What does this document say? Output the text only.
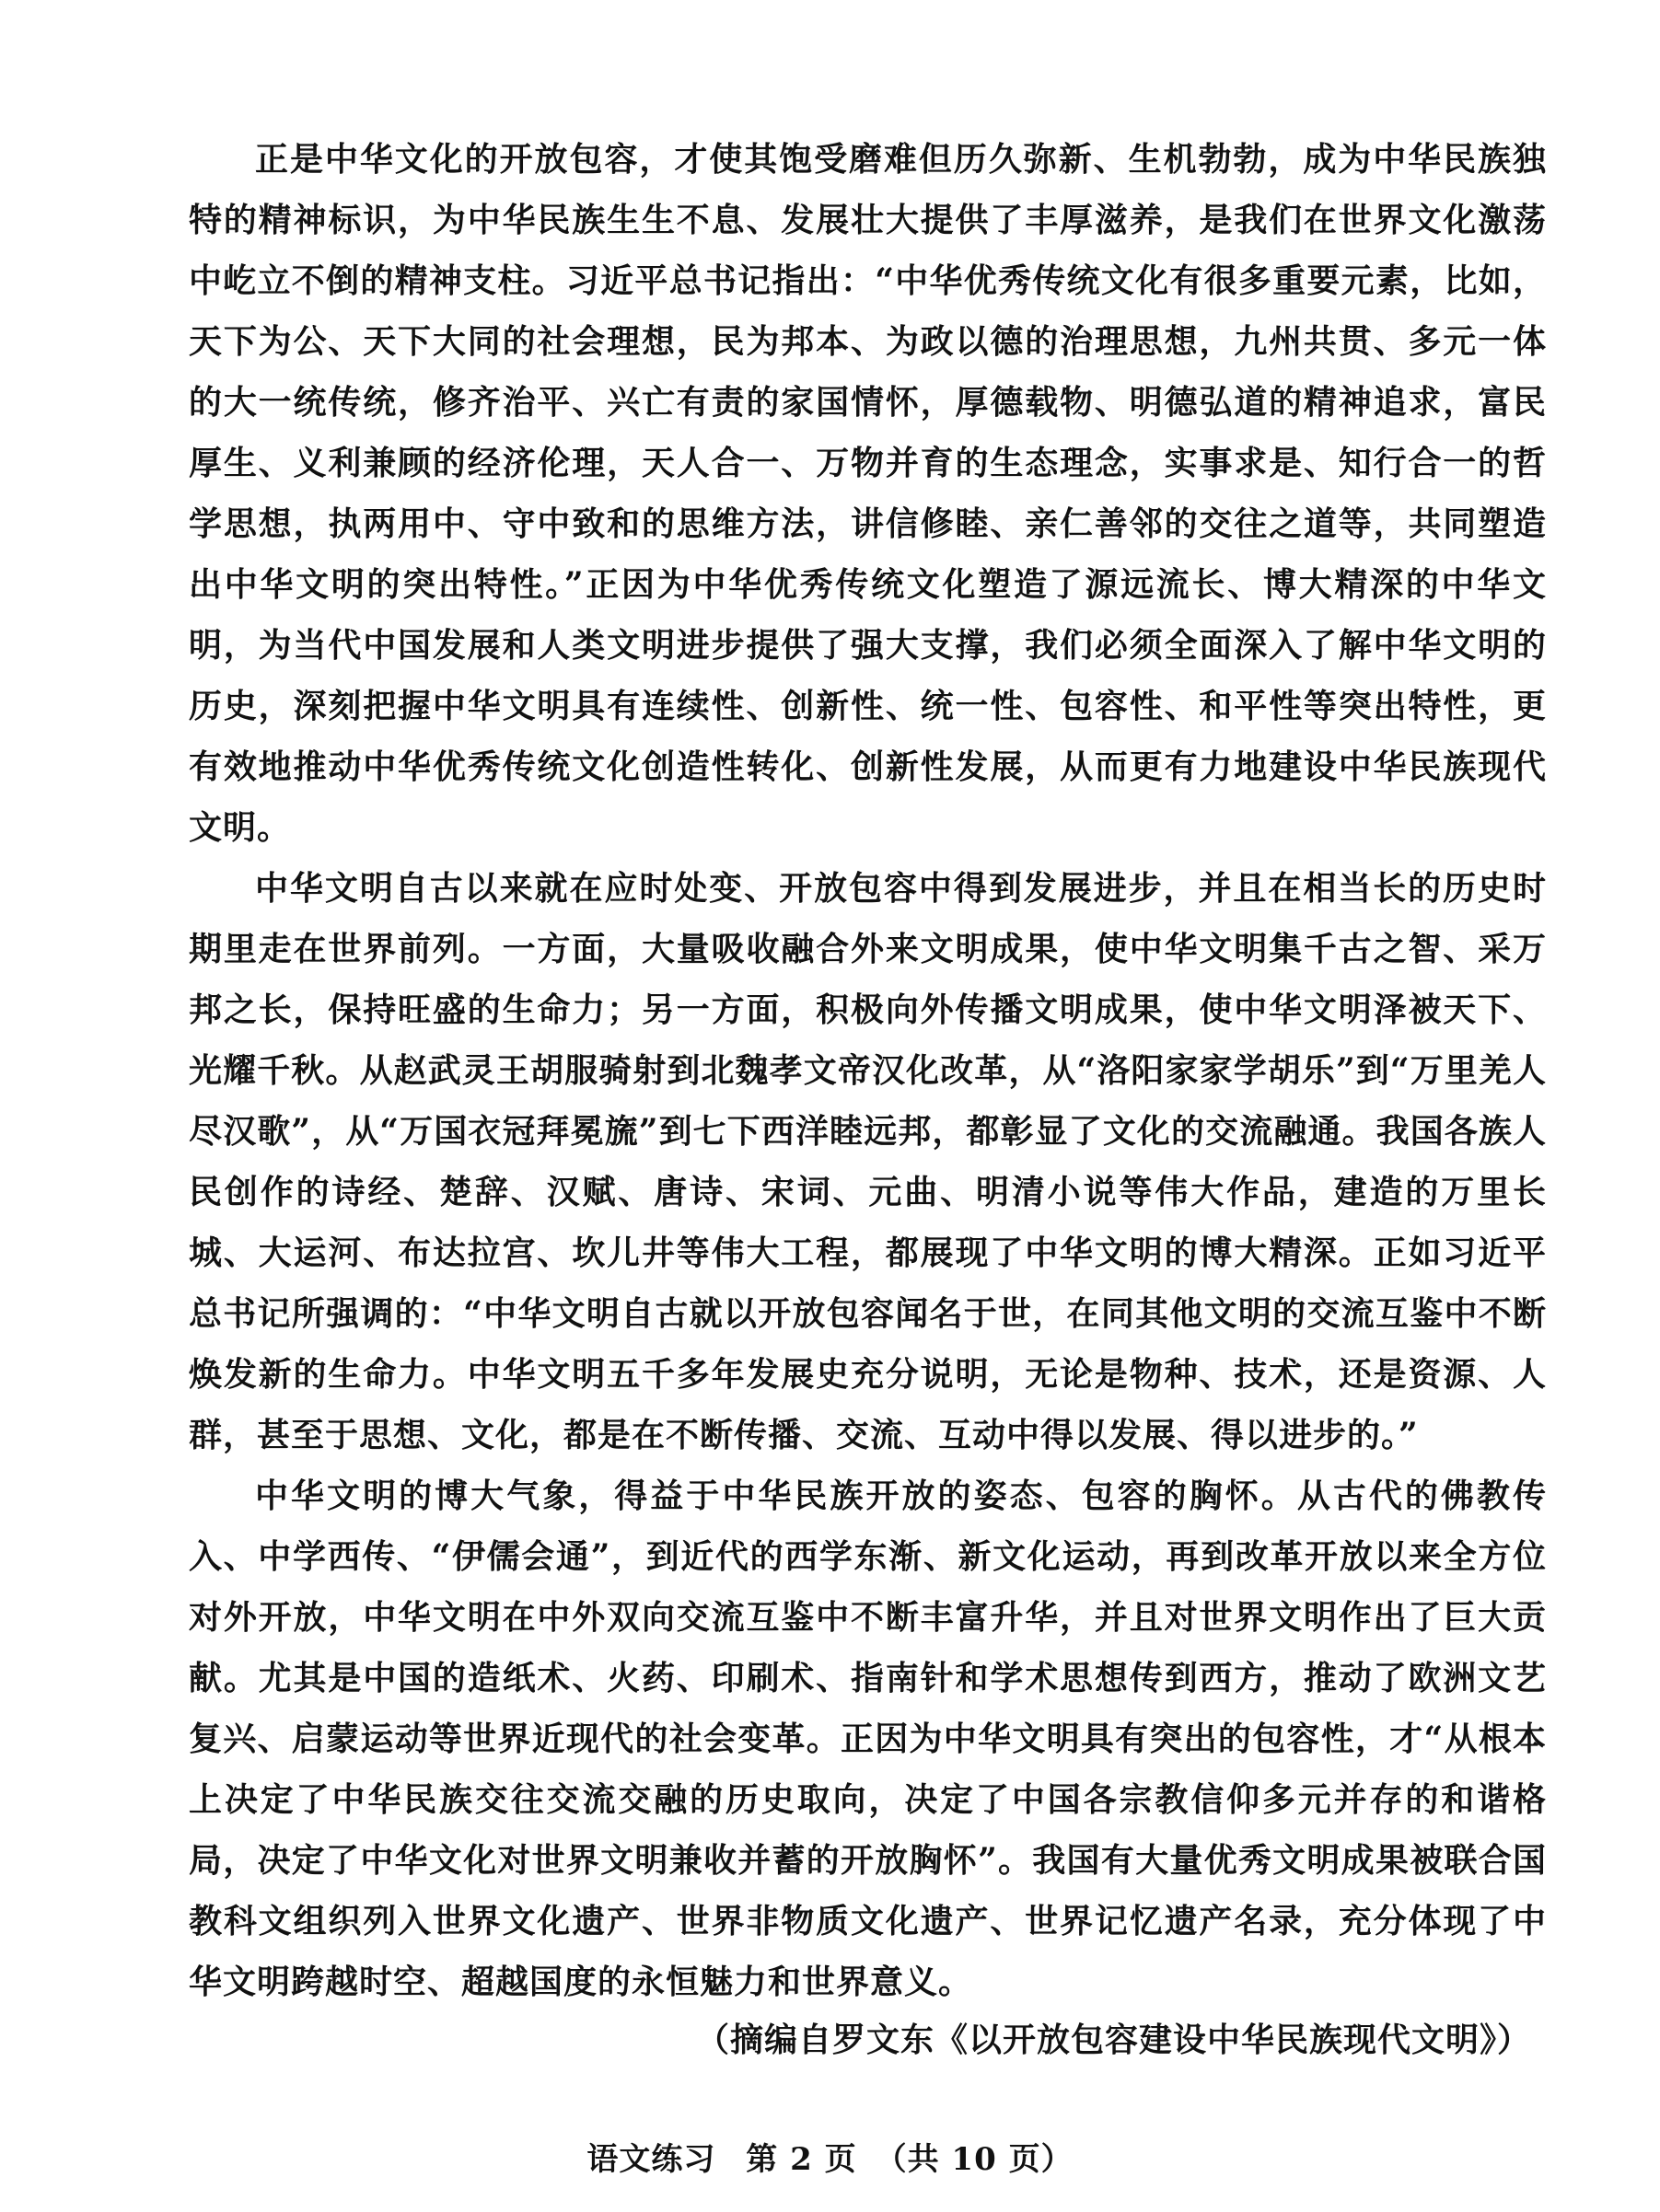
正是中华文化的开放包容，才使其饱受磨难但历久弥新、生机勃勃，成为中华民族独特的精神标识，为中华民族生生不息、发展壮大提供了丰厚滋养，是我们在世界文化激荡中屹立不倒的精神支柱。习近平总书记指出：“中华优秀传统文化有很多重要元素，比如，天下为公、天下大同的社会理想，民为邦本、为政以德的治理思想，九州共贯、多元一体的大一统传统，修齐治平、兴亡有责的家国情怀，厚德载物、明德弘道的精神追求，富民厚生、义利兼顾的经济伦理，天人合一、万物并育的生态理念，实事求是、知行合一的哲学思想，执两用中、守中致和的思维方法，讲信修睦、亲仁善邻的交往之道等，共同塑造出中华文明的突出特性。”正因为中华优秀传统文化塑造了源远流长、博大精深的中华文明，为当代中国发展和人类文明进步提供了强大支撑，我们必须全面深入了解中华文明的历史，深刻把握中华文明具有连续性、创新性、统一性、包容性、和平性等突出特性，更有效地推动中华优秀传统文化创造性转化、创新性发展，从而更有力地建设中华民族现代文明。

中华文明自古以来就在应时处变、开放包容中得到发展进步，并且在相当长的历史时期里走在世界前列。一方面，大量吸收融合外来文明成果，使中华文明集千古之智、采万邦之长，保持旺盛的生命力；另一方面，积极向外传播文明成果，使中华文明泽被天下、光耀千秋。从赵武灵王胡服骑射到北魏孝文帝汉化改革，从“洛阳家家学胡乐”到“万里羌人尽汉歌”，从“万国衣冠拜冕旒”到七下西洋睦远邦，都彰显了文化的交流融通。我国各族人民创作的诗经、楚辞、汉赋、唐诗、宋词、元曲、明清小说等伟大作品，建造的万里长城、大运河、布达拉宫、坎儿井等伟大工程，都展现了中华文明的博大精深。正如习近平总书记所强调的：“中华文明自古就以开放包容闻名于世，在同其他文明的交流互鉴中不断焕发新的生命力。中华文明五千多年发展史充分说明，无论是物种、技术，还是资源、人群，甚至于思想、文化，都是在不断传播、交流、互动中得以发展、得以进步的。”

中华文明的博大气象，得益于中华民族开放的姿态、包容的胸怀。从古代的佛教传入、中学西传、“伊儒会通”，到近代的西学东渐、新文化运动，再到改革开放以来全方位对外开放，中华文明在中外双向交流互鉴中不断丰富升华，并且对世界文明作出了巨大贡献。尤其是中国的造纸术、火药、印刷术、指南针和学术思想传到西方，推动了欧洲文艺复兴、启蒙运动等世界近现代的社会变革。正因为中华文明具有突出的包容性，才“从根本上决定了中华民族交往交流交融的历史取向，决定了中国各宗教信仰多元并存的和谐格局，决定了中华文化对世界文明兼收并蓄的开放胸怀”。我国有大量优秀文明成果被联合国教科文组织列入世界文化遗产、世界非物质文化遗产、世界记忆遗产名录，充分体现了中华文明跨越时空、超越国度的永恒魅力和世界意义。

（摘编自罗文东《以开放包容建设中华民族现代文明》）
语文练习 第 2 页 （共 10 页）
